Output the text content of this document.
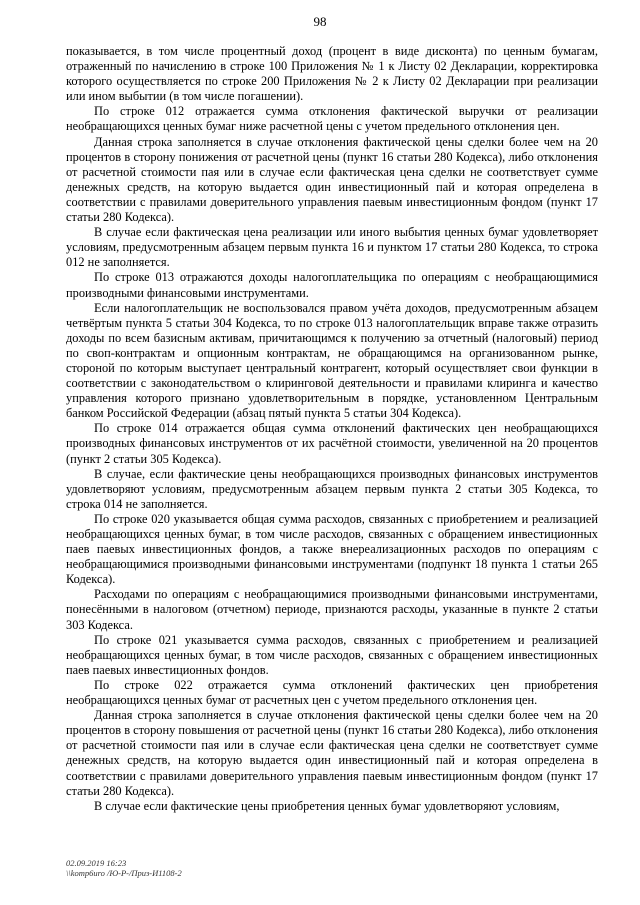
98

показывается, в том числе процентный доход (процент в виде дисконта) по ценным бумагам, отраженный по начислению в строке 100 Приложения № 1 к Листу 02 Декларации, корректировка которого осуществляется по строке 200 Приложения № 2 к Листу 02 Декларации при реализации или ином выбытии (в том числе погашении).

По строке 012 отражается сумма отклонения фактической выручки от реализации необращающихся ценных бумаг ниже расчетной цены с учетом предельного отклонения цен.

Данная строка заполняется в случае отклонения фактической цены сделки более чем на 20 процентов в сторону понижения от расчетной цены (пункт 16 статьи 280 Кодекса), либо отклонения от расчетной стоимости пая или в случае если фактическая цена сделки не соответствует сумме денежных средств, на которую выдается один инвестиционный пай и которая определена в соответствии с правилами доверительного управления паевым инвестиционным фондом (пункт 17 статьи 280 Кодекса).

В случае если фактическая цена реализации или иного выбытия ценных бумаг удовлетворяет условиям, предусмотренным абзацем первым пункта 16 и пунктом 17 статьи 280 Кодекса, то строка 012 не заполняется.

По строке 013 отражаются доходы налогоплательщика по операциям с необращающимися производными финансовыми инструментами.

Если налогоплательщик не воспользовался правом учёта доходов, предусмотренным абзацем четвёртым пункта 5 статьи 304 Кодекса, то по строке 013 налогоплательщик вправе также отразить доходы по всем базисным активам, причитающимся к получению за отчетный (налоговый) период по своп-контрактам и опционным контрактам, не обращающимся на организованном рынке, стороной по которым выступает центральный контрагент, который осуществляет свои функции в соответствии с законодательством о клиринговой деятельности и правилами клиринга и качество управления которого признано удовлетворительным в порядке, установленном Центральным банком Российской Федерации (абзац пятый пункта 5 статьи 304 Кодекса).

По строке 014 отражается общая сумма отклонений фактических цен необращающихся производных финансовых инструментов от их расчётной стоимости, увеличенной на 20 процентов (пункт 2 статьи 305 Кодекса).

В случае, если фактические цены необращающихся производных финансовых инструментов удовлетворяют условиям, предусмотренным абзацем первым пункта 2 статьи 305 Кодекса, то строка 014 не заполняется.

По строке 020 указывается общая сумма расходов, связанных с приобретением и реализацией необращающихся ценных бумаг, в том числе расходов, связанных с обращением инвестиционных паев паевых инвестиционных фондов, а также внереализационных расходов по операциям с необращающимися производными финансовыми инструментами (подпункт 18 пункта 1 статьи 265 Кодекса).

Расходами по операциям с необращающимися производными финансовыми инструментами, понесёнными в налоговом (отчетном) периоде, признаются расходы, указанные в пункте 2 статьи 303 Кодекса.

По строке 021 указывается сумма расходов, связанных с приобретением и реализацией необращающихся ценных бумаг, в том числе расходов, связанных с обращением инвестиционных паев паевых инвестиционных фондов.

По строке 022 отражается сумма отклонений фактических цен приобретения необращающихся ценных бумаг от расчетных цен с учетом предельного отклонения цен.

Данная строка заполняется в случае отклонения фактической цены сделки более чем на 20 процентов в сторону повышения от расчетной цены (пункт 16 статьи 280 Кодекса), либо отклонения от расчетной стоимости пая или в случае если фактическая цена сделки не соответствует сумме денежных средств, на которую выдается один инвестиционный пай и которая определена в соответствии с правилами доверительного управления паевым инвестиционным фондом (пункт 17 статьи 280 Кодекса).

В случае если фактические цены приобретения ценных бумаг удовлетворяют условиям,

02.09.2019 16:23
\\komp6uro /Ю-Р-/Приз-И1108-2
